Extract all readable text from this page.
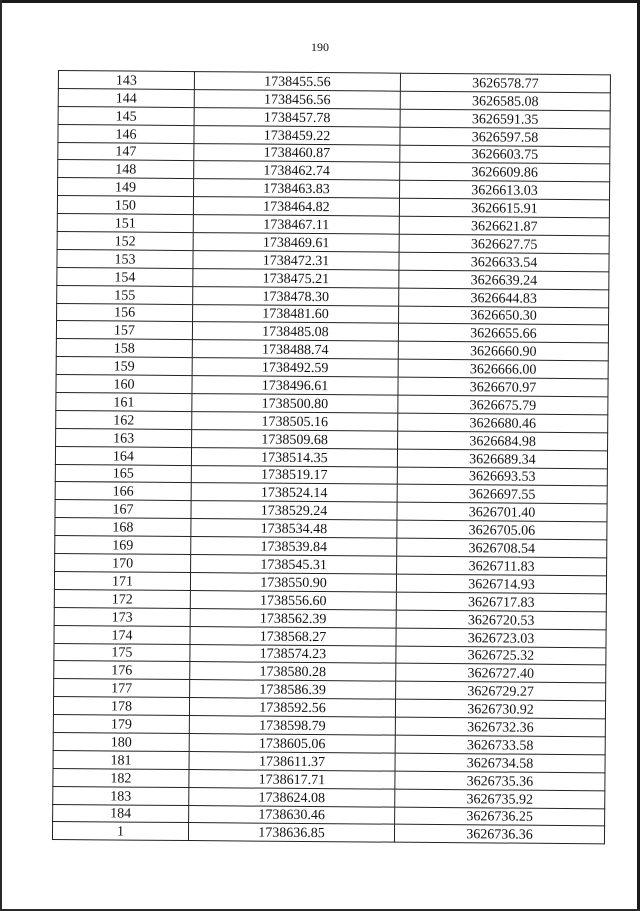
190
143	1738455.56	3626578.77
144	1738456.56	3626585.08
145	1738457.78	3626591.35
146	1738459.22	3626597.58
147	1738460.87	3626603.75
148	1738462.74	3626609.86
149	1738463.83	3626613.03
150	1738464.82	3626615.91
151	1738467.11	3626621.87
152	1738469.61	3626627.75
153	1738472.31	3626633.54
154	1738475.21	3626639.24
155	1738478.30	3626644.83
156	1738481.60	3626650.30
157	1738485.08	3626655.66
158	1738488.74	3626660.90
159	1738492.59	3626666.00
160	1738496.61	3626670.97
161	1738500.80	3626675.79
162	1738505.16	3626680.46
163	1738509.68	3626684.98
164	1738514.35	3626689.34
165	1738519.17	3626693.53
166	1738524.14	3626697.55
167	1738529.24	3626701.40
168	1738534.48	3626705.06
169	1738539.84	3626708.54
170	1738545.31	3626711.83
171	1738550.90	3626714.93
172	1738556.60	3626717.83
173	1738562.39	3626720.53
174	1738568.27	3626723.03
175	1738574.23	3626725.32
176	1738580.28	3626727.40
177	1738586.39	3626729.27
178	1738592.56	3626730.92
179	1738598.79	3626732.36
180	1738605.06	3626733.58
181	1738611.37	3626734.58
182	1738617.71	3626735.36
183	1738624.08	3626735.92
184	1738630.46	3626736.25
1	1738636.85	3626736.36
